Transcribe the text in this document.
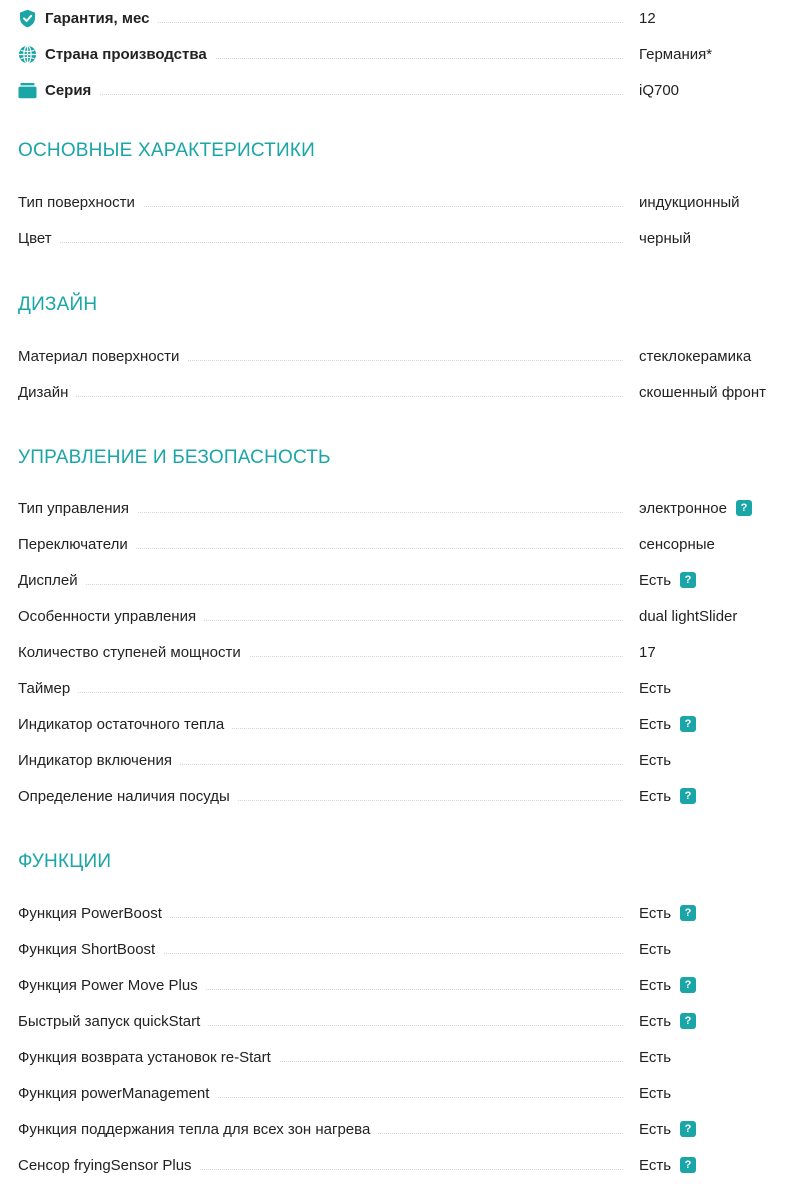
Гарантия, мес	12
Страна производства	Германия*
Серия	iQ700
ОСНОВНЫЕ ХАРАКТЕРИСТИКИ
Тип поверхности	индукционный
Цвет	черный
ДИЗАЙН
Материал поверхности	стеклокерамика
Дизайн	скошенный фронт
УПРАВЛЕНИЕ И БЕЗОПАСНОСТЬ
Тип управления	электронное	?
Переключатели	сенсорные
Дисплей	Есть	?
Особенности управления	dual lightSlider
Количество ступеней мощности	17
Таймер	Есть
Индикатор остаточного тепла	Есть	?
Индикатор включения	Есть
Определение наличия посуды	Есть	?
ФУНКЦИИ
Функция PowerBoost	Есть	?
Функция ShortBoost	Есть
Функция Power Move Plus	Есть	?
Быстрый запуск quickStart	Есть	?
Функция возврата установок re-Start	Есть
Функция powerManagement	Есть
Функция поддержания тепла для всех зон нагрева	Есть	?
Сенсор fryingSensor Plus	Есть	?
